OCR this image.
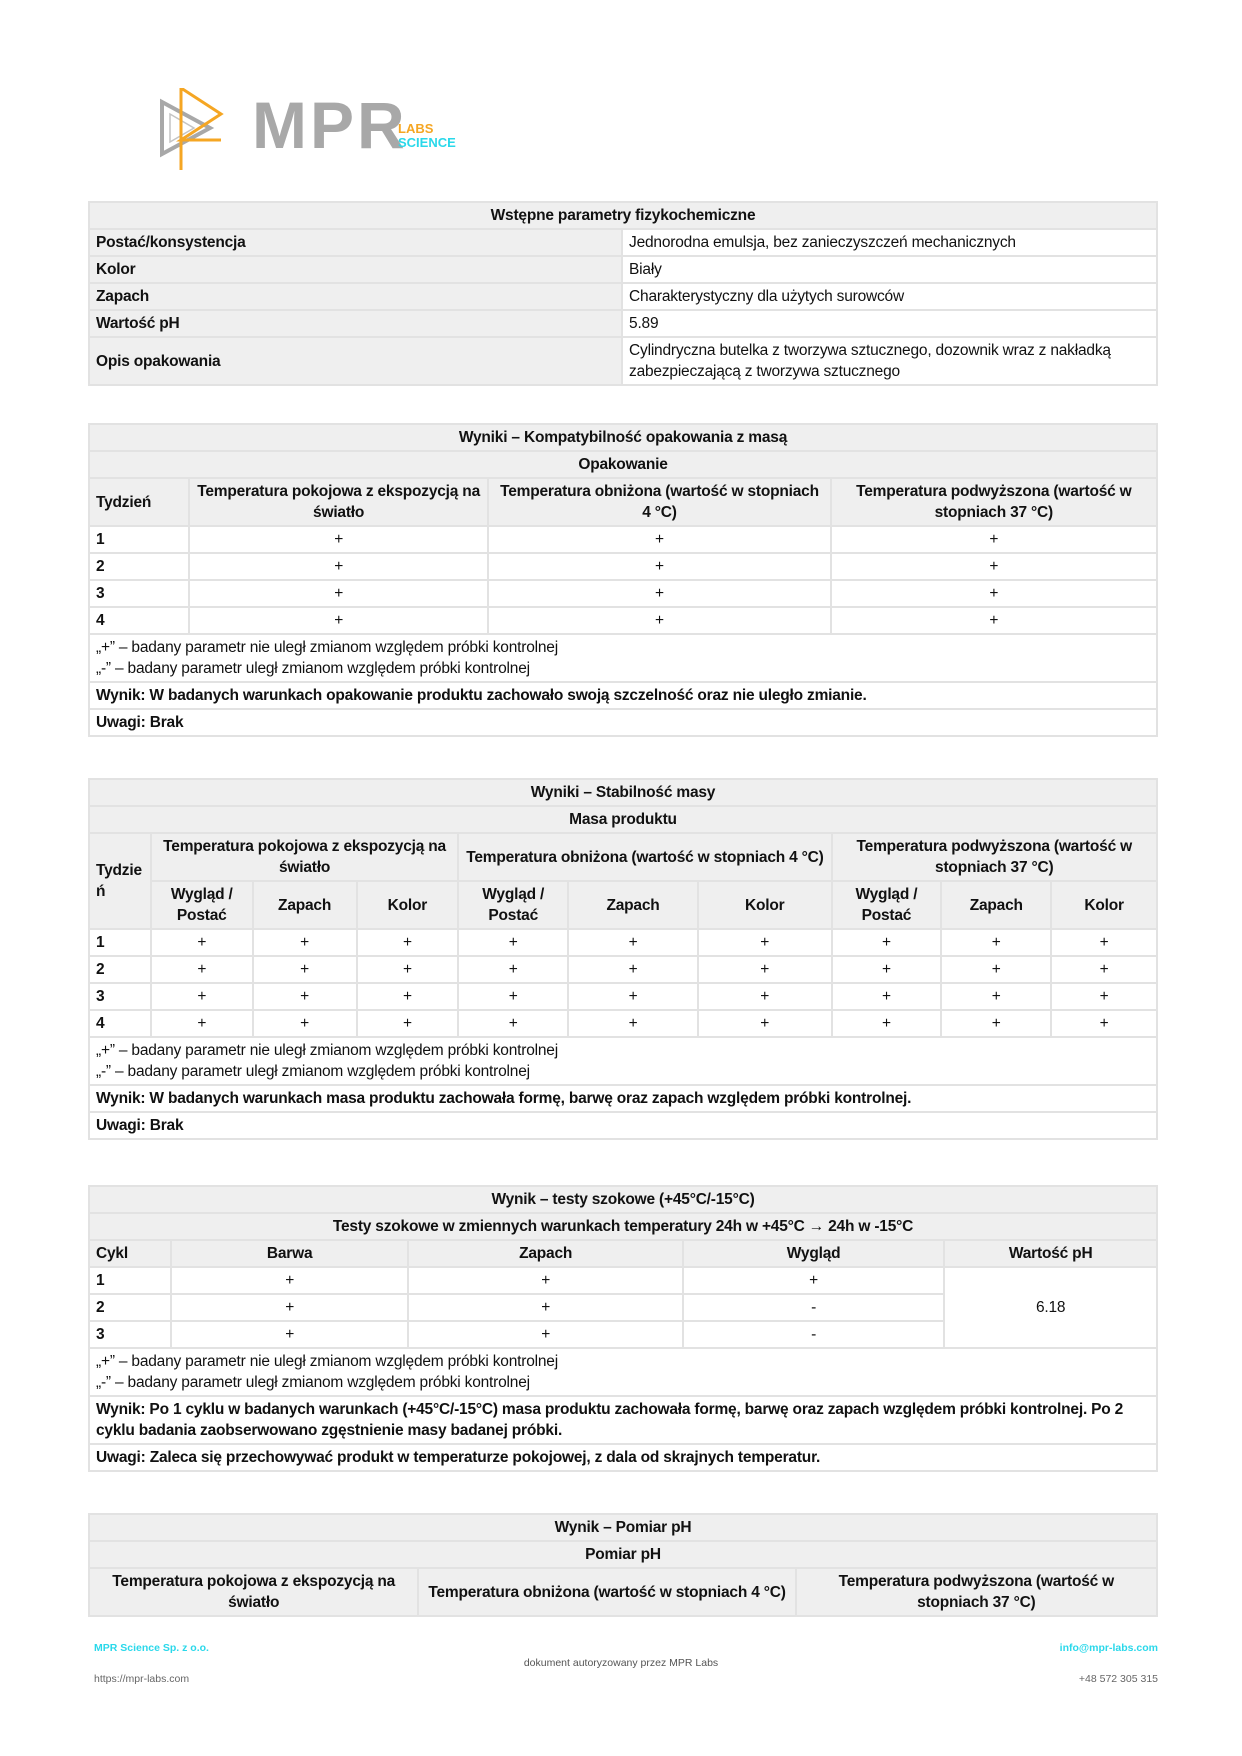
MPR
LABS
SCIENCE
Wstępne parametry fizykochemiczne	
Postać/konsystencja	Jednorodna emulsja, bez zanieczyszczeń mechanicznych
Kolor	Biały
Zapach	Charakterystyczny dla użytych surowców
Wartość pH	5.89
Opis opakowania	Cylindryczna butelka z tworzywa sztucznego, dozownik wraz z nakładką zabezpieczającą z tworzywa sztucznego
Wyniki – Kompatybilność opakowania z masą			
Opakowanie			
Tydzień	Temperatura pokojowa z ekspozycją na światło	Temperatura obniżona (wartość w stopniach 4 °C)	Temperatura podwyższona (wartość w stopniach 37 °C)
1	+	+	+
2	+	+	+
3	+	+	+
4	+	+	+

„+” – badany parametr nie uległ zmianom względem próbki kontrolnej
„-” – badany parametr uległ zmianom względem próbki kontrolnej			

Wynik: W badanych warunkach opakowanie produktu zachowało swoją szczelność oraz nie uległo zmianie.			
Uwagi: Brak			
Wyniki – Stabilność masy									
Masa produktu									
Tydzień	Temperatura pokojowa z ekspozycją na światło			Temperatura obniżona (wartość w stopniach 4 °C)			Temperatura podwyższona (wartość w stopniach 37 °C)		
	Wygląd / Postać	Zapach	Kolor	Wygląd / Postać	Zapach	Kolor	Wygląd / Postać	Zapach	Kolor
1	+	+	+	+	+	+	+	+	+
2	+	+	+	+	+	+	+	+	+
3	+	+	+	+	+	+	+	+	+
4	+	+	+	+	+	+	+	+	+

„+” – badany parametr nie uległ zmianom względem próbki kontrolnej
„-” – badany parametr uległ zmianom względem próbki kontrolnej									

Wynik: W badanych warunkach masa produktu zachowała formę, barwę oraz zapach względem próbki kontrolnej.									
Uwagi: Brak									
Wynik – testy szokowe (+45°C/-15°C)				
Testy szokowe w zmiennych warunkach temperatury 24h w +45°C → 24h w -15°C				
Cykl	Barwa	Zapach	Wygląd	Wartość pH
1	+	+	+	6.18
2	+	+	-	
3	+	+	-	

„+” – badany parametr nie uległ zmianom względem próbki kontrolnej
„-” – badany parametr uległ zmianom względem próbki kontrolnej				

Wynik: Po 1 cyklu w badanych warunkach (+45°C/-15°C) masa produktu zachowała formę, barwę oraz zapach względem próbki kontrolnej. Po 2 cyklu badania zaobserwowano zgęstnienie masy badanej próbki.				
Uwagi: Zaleca się przechowywać produkt w temperaturze pokojowej, z dala od skrajnych temperatur.				
Wynik – Pomiar pH
Pomiar pH
Temperatura pokojowa z ekspozycją na światło	Temperatura obniżona (wartość w stopniach 4 °C)	Temperatura podwyższona (wartość w stopniach 37 °C)
MPR Science Sp. z o.o.	info@mpr-labs.com
dokument autoryzowany przez MPR Labs
https://mpr-labs.com	+48 572 305 315
